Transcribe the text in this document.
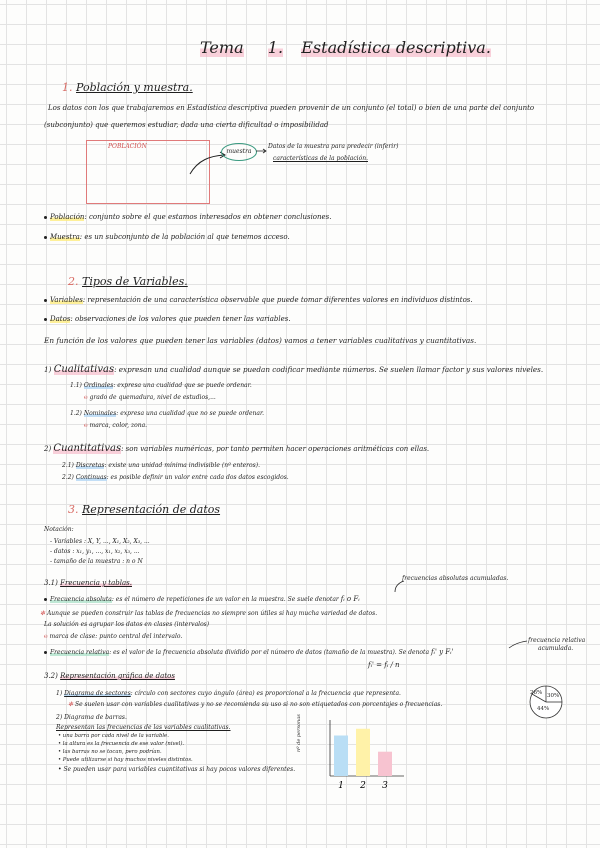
Tema 1. Estadística descriptiva.
1. Población y muestra.
Los datos con los que trabajaremos en Estadística descriptiva pueden provenir de un conjunto (el total) o bien de una parte del conjunto (subconjunto) que queremos estudiar, dada una cierta dificultad o imposibilidad
POBLACIÓN
muestra
Datos de la muestra para predecir (inferir)
características de la población.
Población: conjunto sobre el que estamos interesados en obtener conclusiones.
Muestra: es un subconjunto de la población al que tenemos acceso.
2. Tipos de Variables.
Variables: representación de una característica observable que puede tomar diferentes valores en individuos distintos.
Datos: observaciones de los valores que pueden tener las variables.
En función de los valores que pueden tener las variables (datos) vamos a tener variables cualitativas y cuantitativas.
1) Cualitativas: expresan una cualidad aunque se puedan codificar mediante números. Se suelen llamar factor y sus valores niveles.
1.1) Ordinales: expresa una cualidad que se puede ordenar.
℮ grado de quemadura, nivel de estudios,...
1.2) Nominales: expresa una cualidad que no se puede ordenar.
℮ marca, color, zona.
2) Cuantitativas: son variables numéricas, por tanto permiten hacer operaciones aritméticas con ellas.
2.1) Discretas: existe una unidad mínima indivisible (nº enteros).
2.2) Continuas: es posible definir un valor entre cada dos datos escogidos.
3. Representación de datos
Notación:
- Variables : X, Y, ..., X₁, X₂, X₃, ...
- datos : x₁, y₁, ..., x₁, x₂, x₃, ...
- tamaño de la muestra : n o N
frecuencias absolutas acumuladas.
3.1) Frecuencia y tablas.
Frecuencia absoluta: es el número de repeticiones de un valor en la muestra. Se suele denotar fᵢ o Fᵢ
✻ Aunque se pueden construir las tablas de frecuencias no siempre son útiles si hay mucha variedad de datos.
La solución es agrupar los datos en clases (intervalos)
℮ marca de clase: punto central del intervalo.
frecuencia relativa
acumulada.
Frecuencia relativa: es el valor de la frecuencia absoluta dividido por el número de datos (tamaño de la muestra). Se denota fᵢ' y Fᵢ'
fᵢ' = fᵢ / n
3.2) Representación gráfica de datos
1) Diagrama de sectores: círculo con sectores cuyo ángulo (área) es proporcional a la frecuencia que representa.
✻ Se suelen usar con variables cualitativas y no se recomienda su uso si no son etiquetados con porcentajes o frecuencias.
26% 30%
44%
2) Diagrama de barras.
Representan las frecuencias de las variables cualitativas.
• una barra por cada nivel de la variable.
• la altura es la frecuencia de ese valor (nivel).
• las barras no se tocan, pero podrían.
• Puede utilizarse si hay muchos niveles distintos.
• Se pueden usar para variables cuantitativas si hay pocos valores diferentes.
1 2 3
nº de personas
